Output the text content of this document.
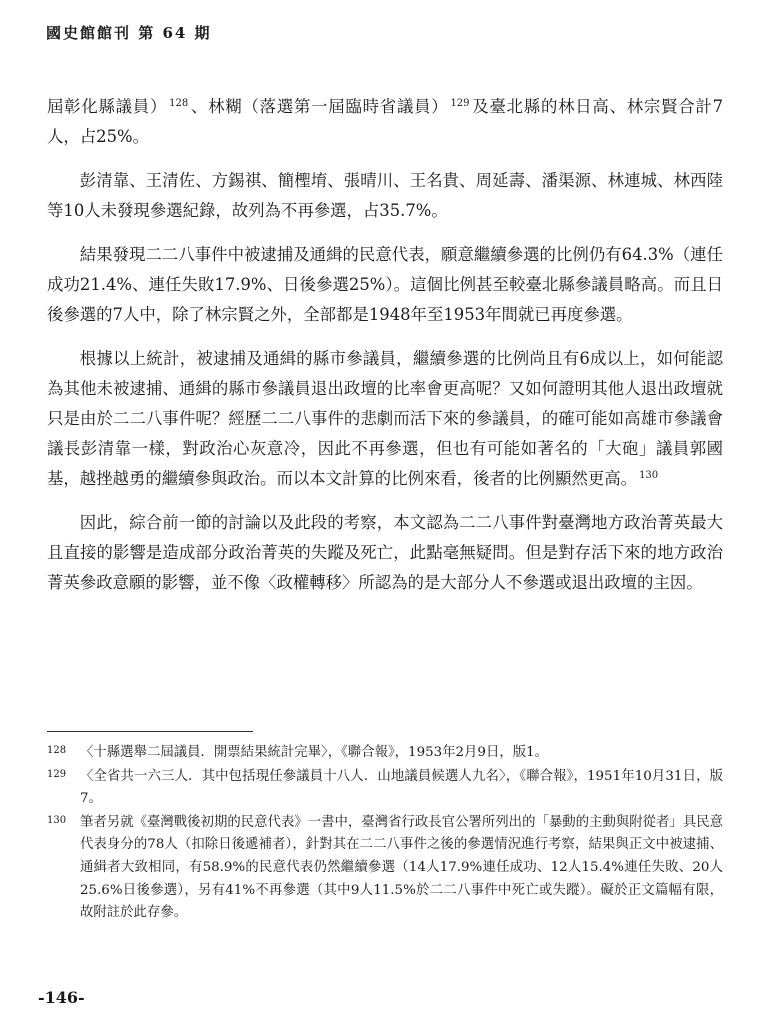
國史館館刊 第 64 期

屆彰化縣議員） $^{128}$ 、林糊（落選第一屆臨時省議員） $^{129}$ 及臺北縣的林日高、林宗賢合計7人，占25%。

彭清靠、王清佐、方錫祺、簡檉堉、張晴川、王名貴、周延壽、潘渠源、林連城、林西陸等10人未發現參選紀錄，故列為不再參選，占35.7%。

結果發現二二八事件中被逮捕及通緝的民意代表，願意繼續參選的比例仍有64.3%（連任成功21.4%、連任失敗17.9%、日後參選25%）。這個比例甚至較臺北縣參議員略高。而且日後參選的7人中，除了林宗賢之外，全部都是1948年至1953年間就已再度參選。

根據以上統計，被逮捕及通緝的縣市參議員，繼續參選的比例尚且有6成以上，如何能認為其他未被逮捕、通緝的縣市參議員退出政壇的比率會更高呢？又如何證明其他人退出政壇就只是由於二二八事件呢？經歷二二八事件的悲劇而活下來的參議員，的確可能如高雄市參議會議長彭清靠一樣，對政治心灰意冷，因此不再參選，但也有可能如著名的「大砲」議員郭國基，越挫越勇的繼續參與政治。而以本文計算的比例來看，後者的比例顯然更高。 $^{130}$

因此，綜合前一節的討論以及此段的考察，本文認為二二八事件對臺灣地方政治菁英最大且直接的影響是造成部分政治菁英的失蹤及死亡，此點毫無疑問。但是對存活下來的地方政治菁英參政意願的影響，並不像〈政權轉移〉所認為的是大部分人不參選或退出政壇的主因。

128	〈十縣選舉二屆議員．開票結果統計完畢〉，《聯合報》，1953年2月9日，版1。
129	〈全省共一六三人．其中包括現任參議員十八人．山地議員候選人九名〉，《聯合報》，1951年10月31日，版7。
130	筆者另就《臺灣戰後初期的民意代表》一書中，臺灣省行政長官公署所列出的「暴動的主動與附從者」具民意代表身分的78人（扣除日後遞補者），針對其在二二八事件之後的參選情況進行考察，結果與正文中被逮捕、通緝者大致相同，有58.9%的民意代表仍然繼續參選（14人17.9%連任成功、12人15.4%連任失敗、20人25.6%日後參選），另有41%不再參選（其中9人11.5%於二二八事件中死亡或失蹤）。礙於正文篇幅有限，故附註於此存參。
-146-
